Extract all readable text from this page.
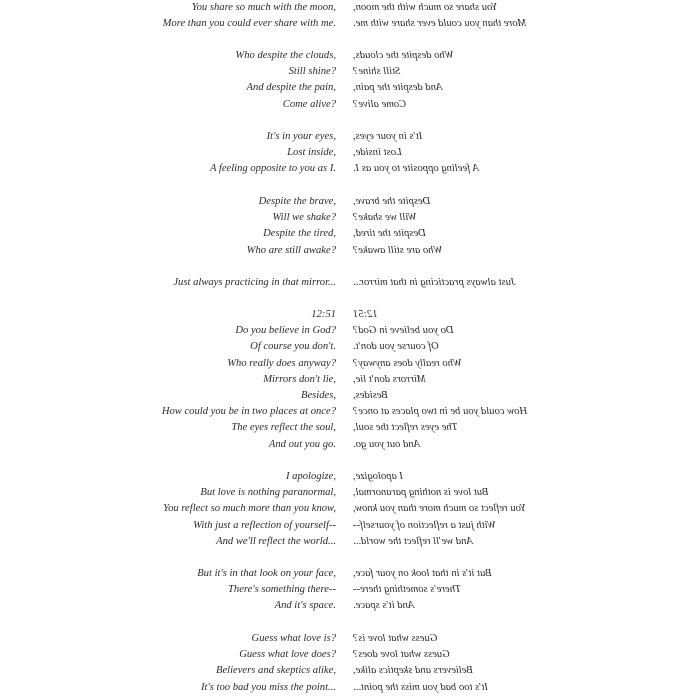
You share so much with the moon,
More than you could ever share with me.
Who despite the clouds,
Still shine?
And despite the pain,
Come alive?
It's in your eyes,
Lost inside,
A feeling opposite to you as I.
Despite the brave,
Will we shake?
Despite the tired,
Who are still awake?
Just always practicing in that mirror...
12:51
Do you believe in God?
Of course you don't.
Who really does anyway?
Mirrors don't lie,
Besides,
How could you be in two places at once?
The eyes reflect the soul,
And out you go.
I apologize,
But love is nothing paranormal,
You reflect so much more than you know,
With just a reflection of yourself--
And we'll reflect the world...
But it's in that look on your face,
There's something there--
And it's space.
Guess what love is?
Guess what love does?
Believers and skeptics alike,
It's too bad you miss the point...
You share so much with the moon,
More than you could ever share with me.
Who despite the clouds,
Still shine?
And despite the pain,
Come alive?
It's in your eyes,
Lost inside,
A feeling opposite to you as I.
Despite the brave,
Will we shake?
Despite the tired,
Who are still awake?
Just always practicing in that mirror...
12:51
Do you believe in God?
Of course you don't.
Who really does anyway?
Mirrors don't lie,
Besides,
How could you be in two places at once?
The eyes reflect the soul,
And out you go.
I apologize,
But love is nothing paranormal,
You reflect so much more than you know,
With just a reflection of yourself--
And we'll reflect the world...
But it's in that look on your face,
There's something there--
And it's space.
Guess what love is?
Guess what love does?
Believers and skeptics alike,
It's too bad you miss the point...
